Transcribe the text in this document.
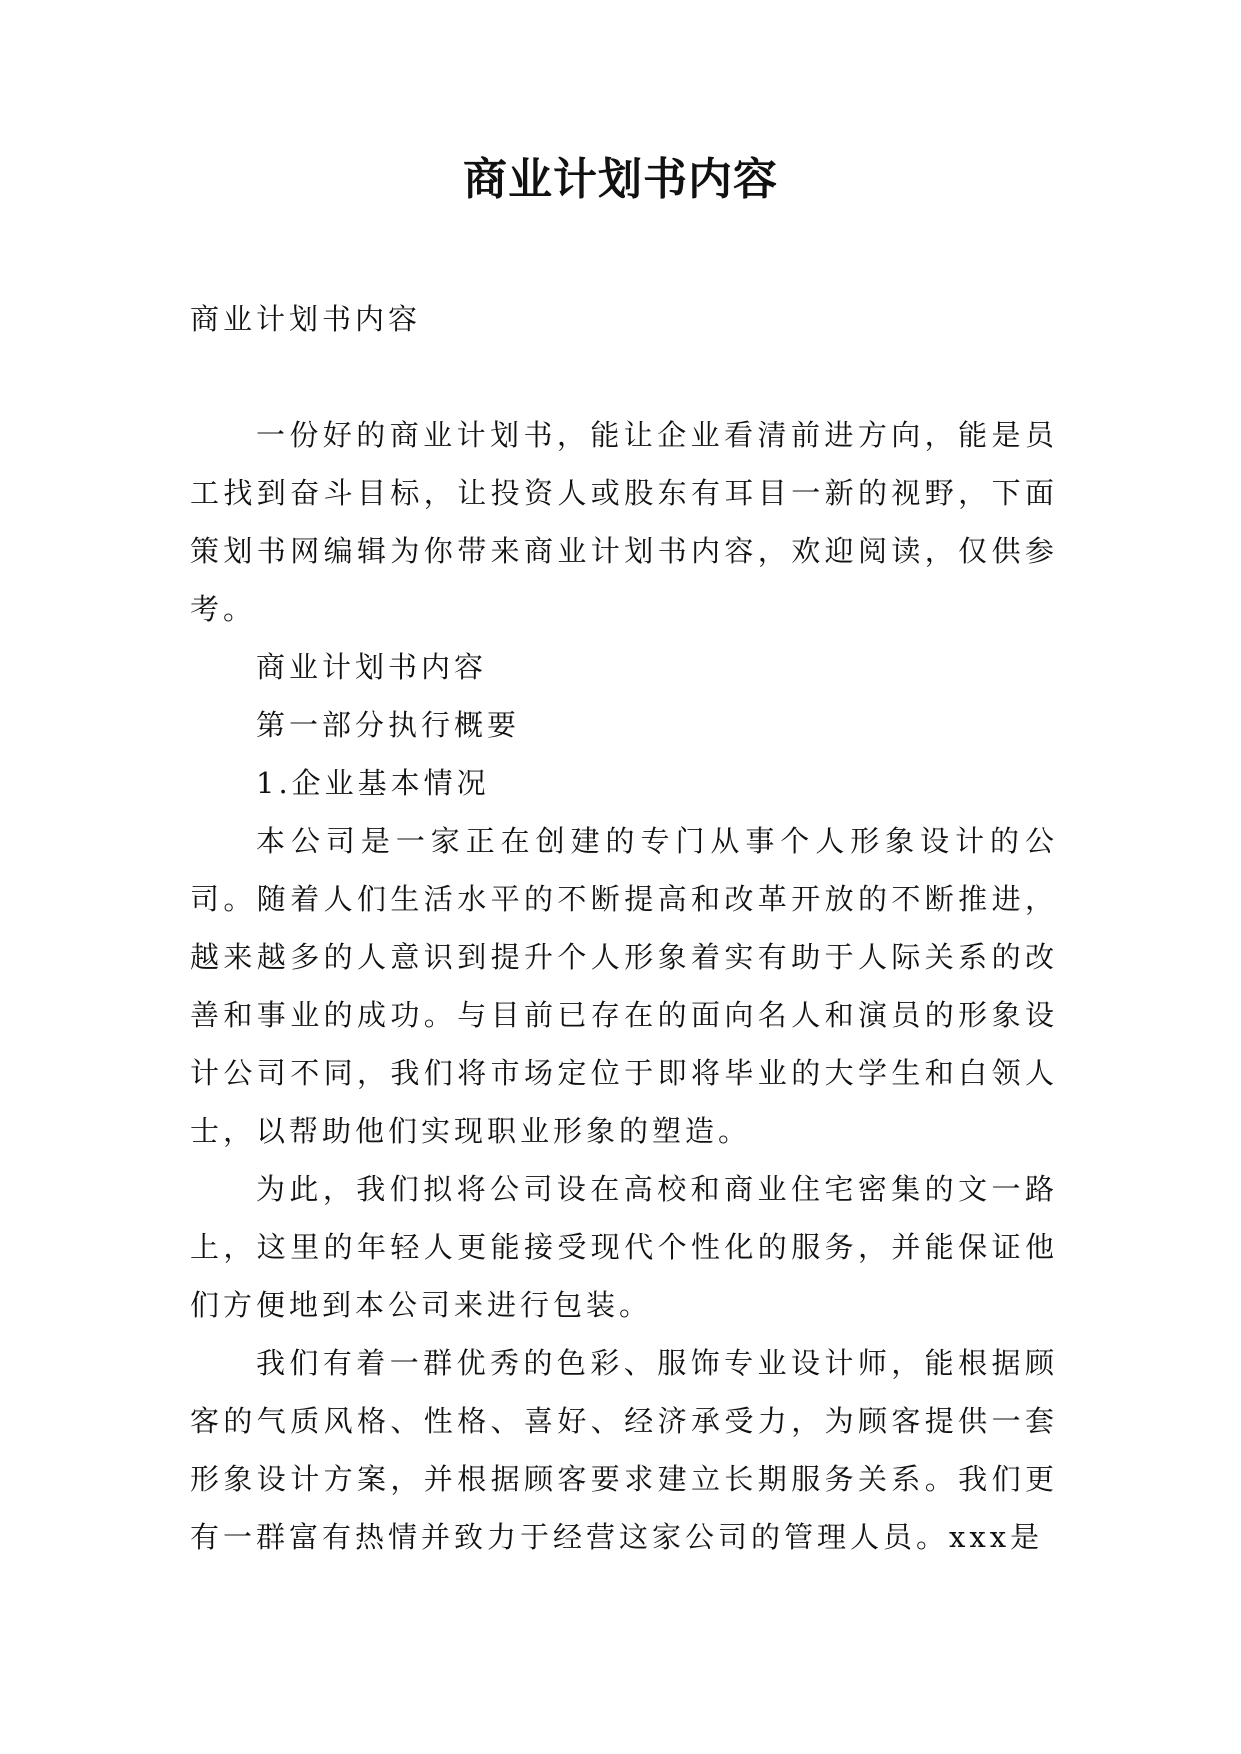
商业计划书内容
商业计划书内容

一份好的商业计划书，能让企业看清前进方向，能是员工找到奋斗目标，让投资人或股东有耳目一新的视野，下面策划书网编辑为你带来商业计划书内容，欢迎阅读，仅供参考。

商业计划书内容

第一部分执行概要

1.企业基本情况

本公司是一家正在创建的专门从事个人形象设计的公司。随着人们生活水平的不断提高和改革开放的不断推进，越来越多的人意识到提升个人形象着实有助于人际关系的改善和事业的成功。与目前已存在的面向名人和演员的形象设计公司不同，我们将市场定位于即将毕业的大学生和白领人士，以帮助他们实现职业形象的塑造。

为此，我们拟将公司设在高校和商业住宅密集的文一路上，这里的年轻人更能接受现代个性化的服务，并能保证他们方便地到本公司来进行包装。

我们有着一群优秀的色彩、服饰专业设计师，能根据顾客的气质风格、性格、喜好、经济承受力，为顾客提供一套形象设计方案，并根据顾客要求建立长期服务关系。我们更有一群富有热情并致力于经营这家公司的管理人员。xxx是
